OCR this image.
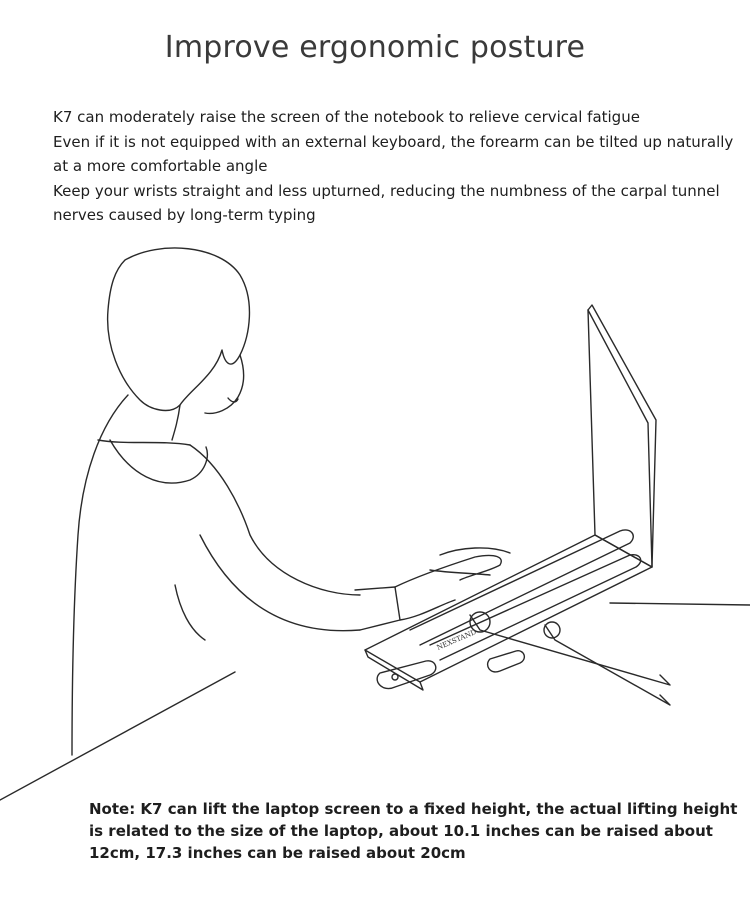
Improve ergonomic posture

K7 can moderately raise the screen of the notebook to relieve cervical fatigue

Even if it is not equipped with an external keyboard, the forearm can be tilted up naturally at a more comfortable angle

Keep your wrists straight and less upturned, reducing the numbness of the carpal tunnel nerves caused by long-term typing

NEXSTAND

Note: K7 can lift the laptop screen to a fixed height, the actual lifting height is related to the size of the laptop, about 10.1 inches can be raised about 12cm, 17.3 inches can be raised about 20cm
